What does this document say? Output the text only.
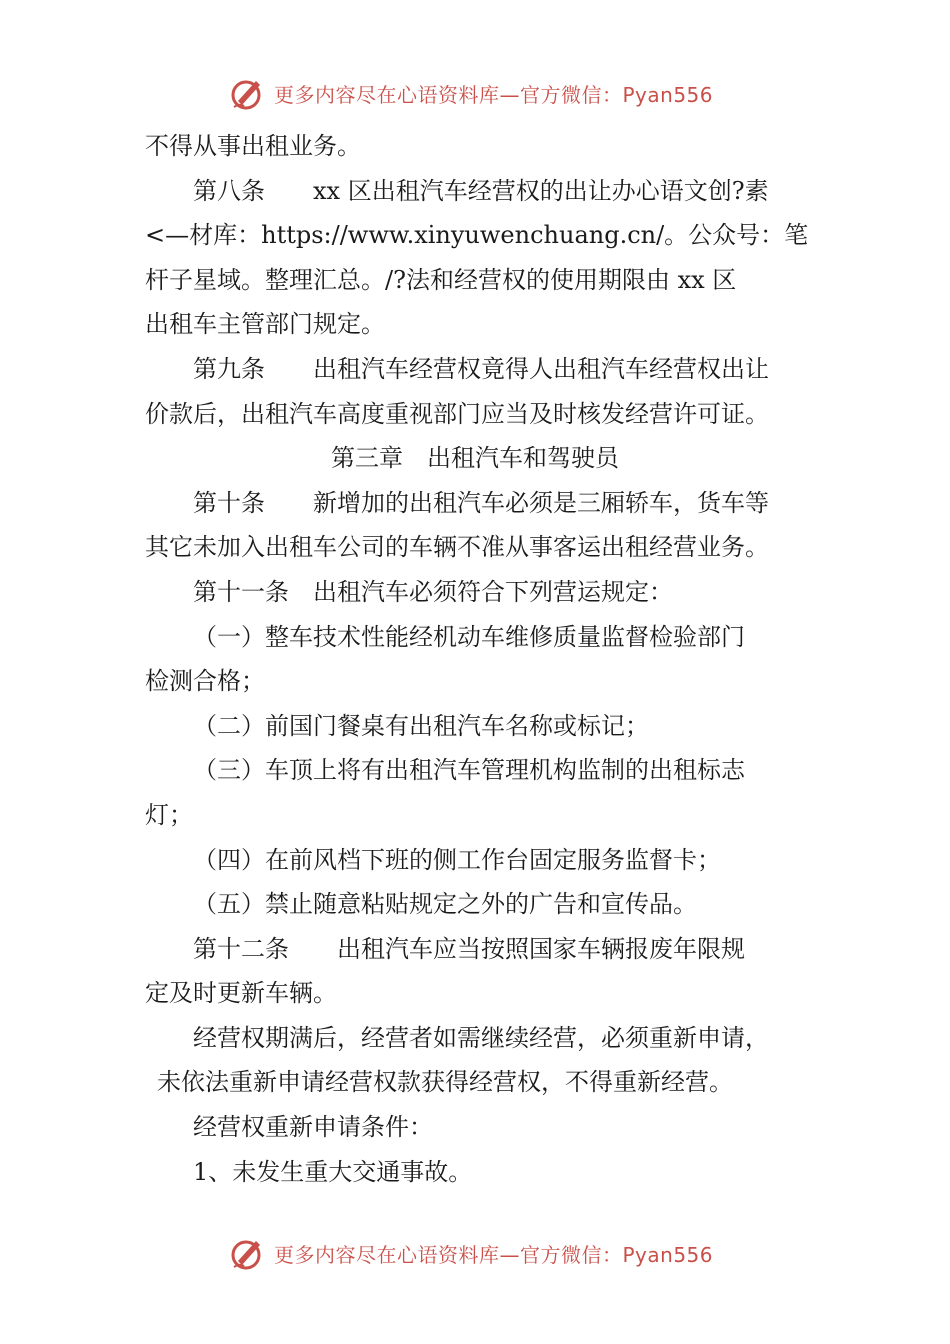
更多内容尽在心语资料库—官方微信：Pyan556
不得从事出租业务。
第八条　　xx 区出租汽车经营权的出让办心语文创?素
<—材库：https://www.xinyuwenchuang.cn/。公众号：笔
杆子星域。整理汇总。/?法和经营权的使用期限由 xx 区
出租车主管部门规定。
第九条　　出租汽车经营权竟得人出租汽车经营权出让
价款后，出租汽车高度重视部门应当及时核发经营许可证。
第三章　出租汽车和驾驶员
第十条　　新增加的出租汽车必须是三厢轿车，货车等
其它未加入出租车公司的车辆不准从事客运出租经营业务。
第十一条　出租汽车必须符合下列营运规定：
（一）整车技术性能经机动车维修质量监督检验部门
检测合格；
（二）前国门餐桌有出租汽车名称或标记；
（三）车顶上将有出租汽车管理机构监制的出租标志
灯；
（四）在前风档下班的侧工作台固定服务监督卡；
（五）禁止随意粘贴规定之外的广告和宣传品。
第十二条　　出租汽车应当按照国家车辆报废年限规
定及时更新车辆。
经营权期满后，经营者如需继续经营，必须重新申请，
未依法重新申请经营权款获得经营权，不得重新经营。
经营权重新申请条件：
1、未发生重大交通事故。
更多内容尽在心语资料库—官方微信：Pyan556
